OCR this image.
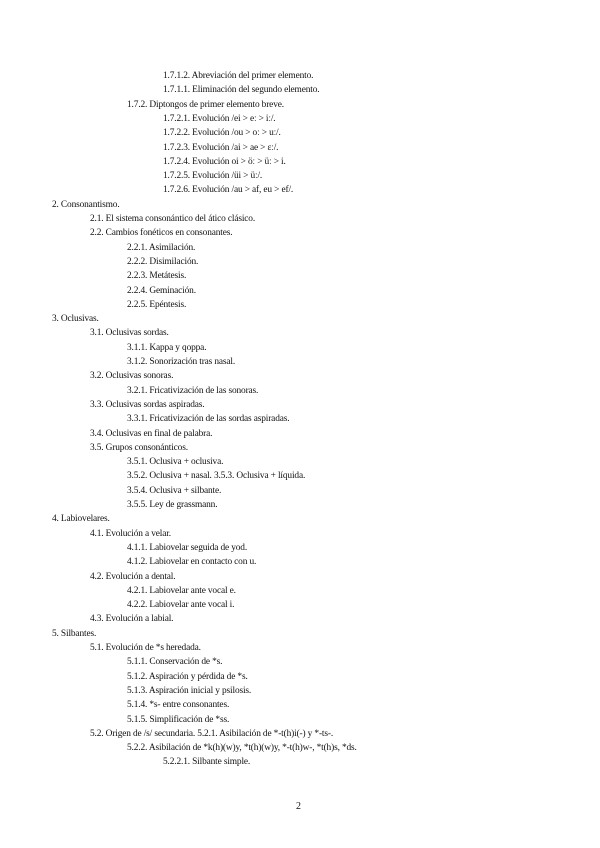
1.7.1.2. Abreviación del primer elemento.
1.7.1.1. Eliminación del segundo elemento.
1.7.2. Diptongos de primer elemento breve.
1.7.2.1. Evolución /ei > eː > iː/.
1.7.2.2. Evolución /ou > oː > uː/.
1.7.2.3. Evolución /ai > ae > ɛː/.
1.7.2.4. Evolución oi > öː > üː > i.
1.7.2.5. Evolución /üi > üː/.
1.7.2.6. Evolución /au > af, eu > ef/.
2. Consonantismo.
2.1. El sistema consonántico del ático clásico.
2.2. Cambios fonéticos en consonantes.
2.2.1. Asimilación.
2.2.2. Disimilación.
2.2.3. Metátesis.
2.2.4. Geminación.
2.2.5. Epéntesis.
3. Oclusivas.
3.1. Oclusivas sordas.
3.1.1. Kappa y qoppa.
3.1.2. Sonorización tras nasal.
3.2. Oclusivas sonoras.
3.2.1. Fricativización de las sonoras.
3.3. Oclusivas sordas aspiradas.
3.3.1. Fricativización de las sordas aspiradas.
3.4. Oclusivas en final de palabra.
3.5. Grupos consonánticos.
3.5.1. Oclusiva + oclusiva.
3.5.2. Oclusiva + nasal. 3.5.3. Oclusiva + líquida.
3.5.4. Oclusiva + silbante.
3.5.5. Ley de grassmann.
4. Labiovelares.
4.1. Evolución a velar.
4.1.1. Labiovelar seguida de yod.
4.1.2. Labiovelar en contacto con u.
4.2. Evolución a dental.
4.2.1. Labiovelar ante vocal e.
4.2.2. Labiovelar ante vocal i.
4.3. Evolución a labial.
5. Silbantes.
5.1. Evolución de *s heredada.
5.1.1. Conservación de *s.
5.1.2. Aspiración y pérdida de *s.
5.1.3. Aspiración inicial y psilosis.
5.1.4. *s- entre consonantes.
5.1.5. Simplificación de *ss.
5.2. Origen de /s/ secundaria. 5.2.1. Asibilación de *-t(h)i(-) y *-ts-.
5.2.2. Asibilación de *k(h)(w)y, *t(h)(w)y, *-t(h)w-, *t(h)s, *ds.
5.2.2.1. Silbante simple.
2
